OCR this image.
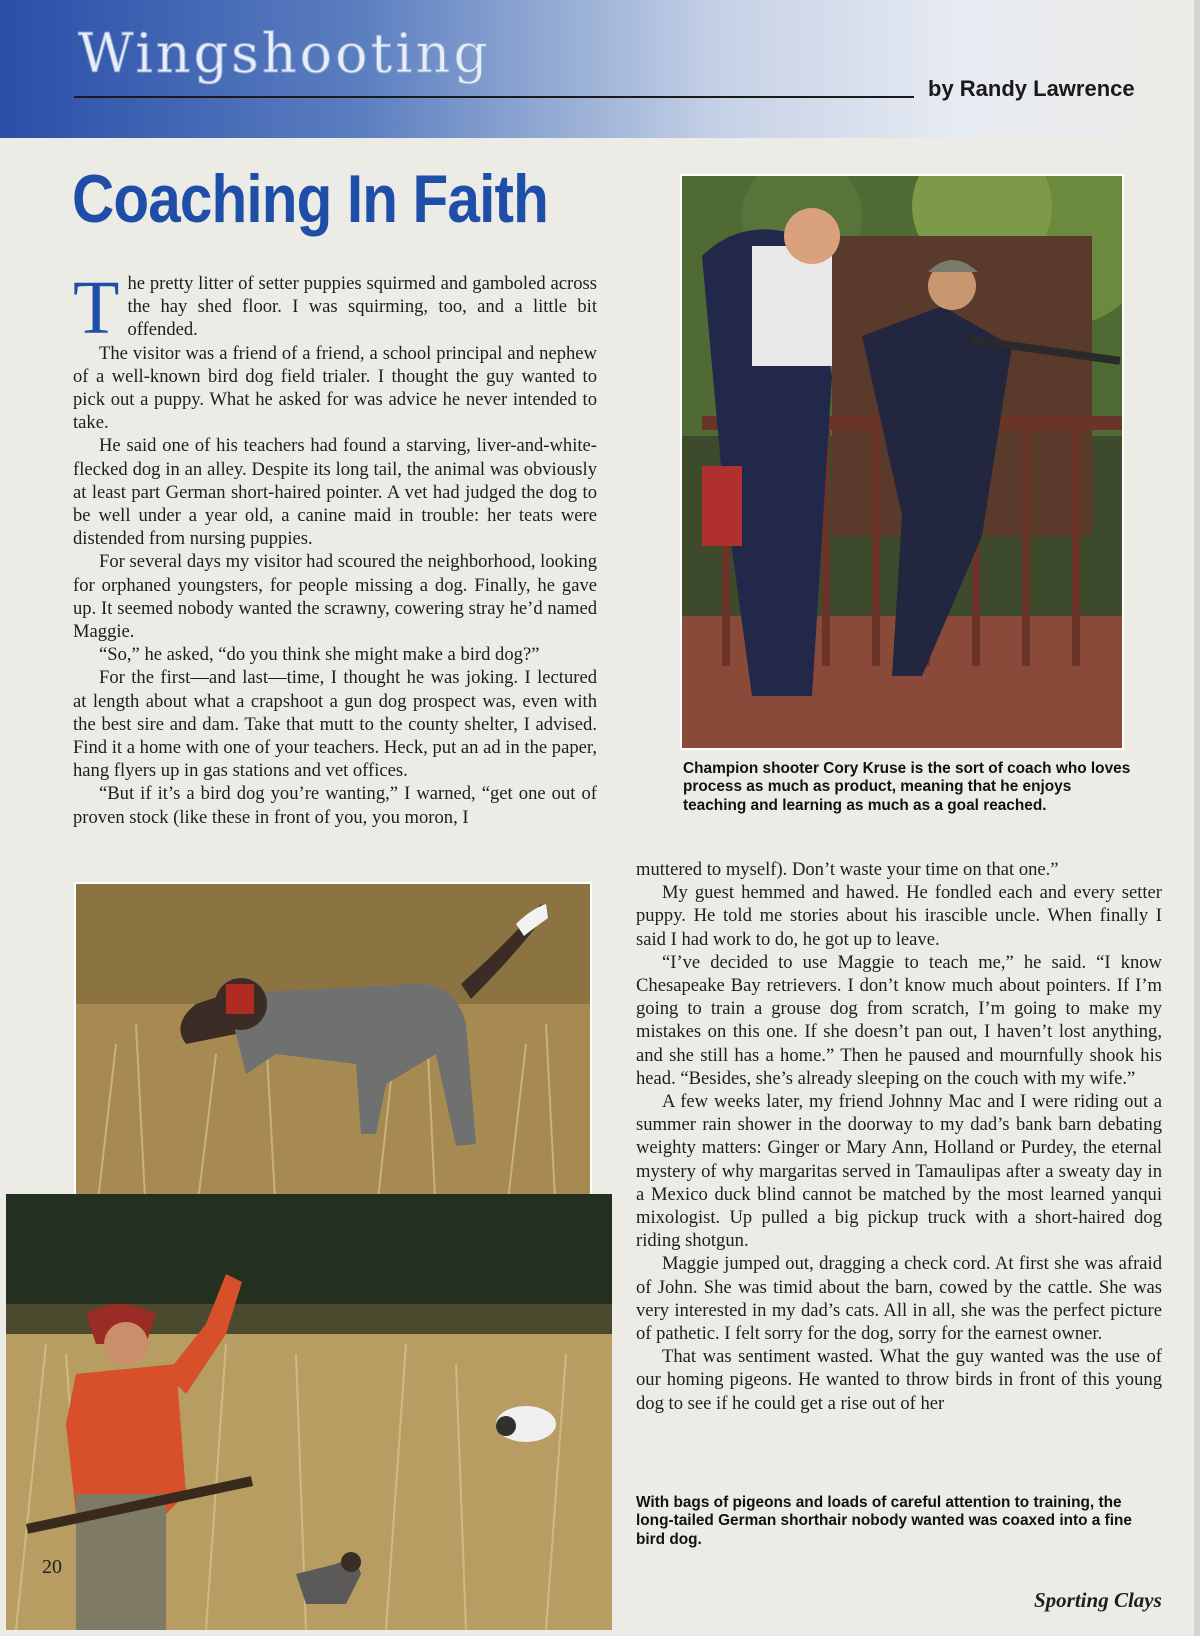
Wingshooting
by Randy Lawrence
Coaching In Faith

The pretty litter of setter puppies squirmed and gamboled across the hay shed floor. I was squirming, too, and a little bit offended.

The visitor was a friend of a friend, a school principal and nephew of a well-known bird dog field trialer. I thought the guy wanted to pick out a puppy. What he asked for was advice he never intended to take.

He said one of his teachers had found a starving, liver-and-white-flecked dog in an alley. Despite its long tail, the animal was obviously at least part German short-haired pointer. A vet had judged the dog to be well under a year old, a canine maid in trouble: her teats were distended from nursing puppies.

For several days my visitor had scoured the neighborhood, looking for orphaned youngsters, for people missing a dog. Finally, he gave up. It seemed nobody wanted the scrawny, cowering stray he’d named Maggie.

“So,” he asked, “do you think she might make a bird dog?”

For the first—and last—time, I thought he was joking. I lectured at length about what a crapshoot a gun dog prospect was, even with the best sire and dam. Take that mutt to the county shelter, I advised. Find it a home with one of your teachers. Heck, put an ad in the paper, hang flyers up in gas stations and vet offices.

“But if it’s a bird dog you’re wanting,” I warned, “get one out of proven stock (like these in front of you, you moron, I

Champion shooter Cory Kruse is the sort of coach who loves process as much as product, meaning that he enjoys teaching and learning as much as a goal reached.

muttered to myself). Don’t waste your time on that one.”

My guest hemmed and hawed. He fondled each and every setter puppy. He told me stories about his irascible uncle. When finally I said I had work to do, he got up to leave.

“I’ve decided to use Maggie to teach me,” he said. “I know Chesapeake Bay retrievers. I don’t know much about pointers. If I’m going to train a grouse dog from scratch, I’m going to make my mistakes on this one. If she doesn’t pan out, I haven’t lost anything, and she still has a home.” Then he paused and mournfully shook his head. “Besides, she’s already sleeping on the couch with my wife.”

A few weeks later, my friend Johnny Mac and I were riding out a summer rain shower in the doorway to my dad’s bank barn debating weighty matters: Ginger or Mary Ann, Holland or Purdey, the eternal mystery of why margaritas served in Tamaulipas after a sweaty day in a Mexico duck blind cannot be matched by the most learned yanqui mixologist. Up pulled a big pickup truck with a short-haired dog riding shotgun.

Maggie jumped out, dragging a check cord. At first she was afraid of John. She was timid about the barn, cowed by the cattle. She was very interested in my dad’s cats. All in all, she was the perfect picture of pathetic. I felt sorry for the dog, sorry for the earnest owner.

That was sentiment wasted. What the guy wanted was the use of our homing pigeons. He wanted to throw birds in front of this young dog to see if he could get a rise out of her

With bags of pigeons and loads of careful attention to training, the long-tailed German shorthair nobody wanted was coaxed into a fine bird dog.
20
Sporting Clays
